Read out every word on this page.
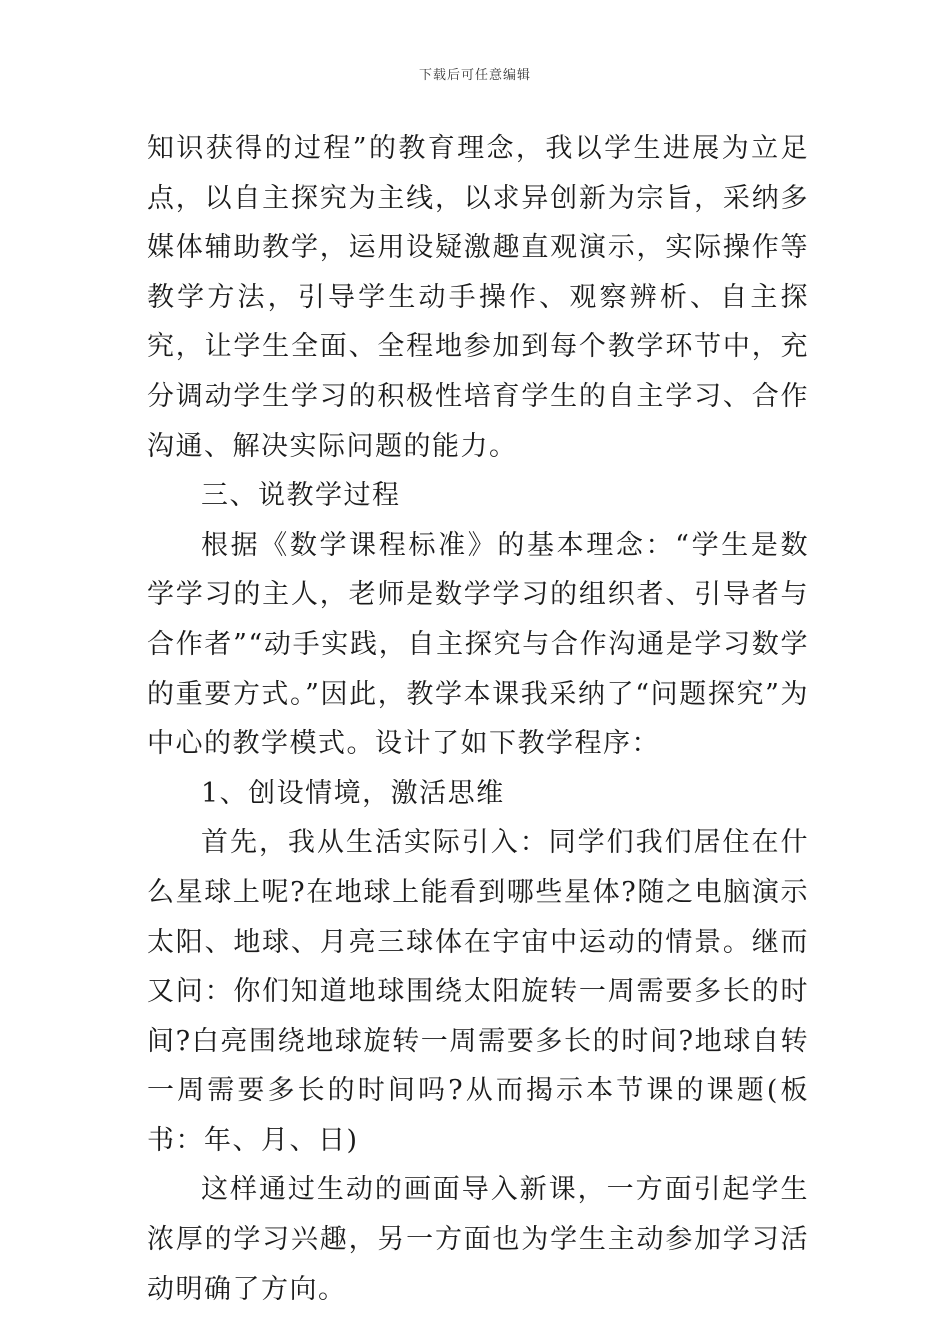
下载后可任意编辑

知识获得的过程”的教育理念，我以学生进展为立足点，以自主探究为主线，以求异创新为宗旨，采纳多媒体辅助教学，运用设疑激趣直观演示，实际操作等教学方法，引导学生动手操作、观察辨析、自主探究，让学生全面、全程地参加到每个教学环节中，充分调动学生学习的积极性培育学生的自主学习、合作沟通、解决实际问题的能力。

三、说教学过程

根据《数学课程标准》的基本理念：“学生是数学学习的主人，老师是数学学习的组织者、引导者与合作者”“动手实践，自主探究与合作沟通是学习数学的重要方式。”因此，教学本课我采纳了“问题探究”为中心的教学模式。设计了如下教学程序：

1、创设情境，激活思维

首先，我从生活实际引入：同学们我们居住在什么星球上呢?在地球上能看到哪些星体?随之电脑演示太阳、地球、月亮三球体在宇宙中运动的情景。继而又问：你们知道地球围绕太阳旋转一周需要多长的时间?白亮围绕地球旋转一周需要多长的时间?地球自转一周需要多长的时间吗?从而揭示本节课的课题(板书：年、月、日)

这样通过生动的画面导入新课，一方面引起学生浓厚的学习兴趣，另一方面也为学生主动参加学习活动明确了方向。
